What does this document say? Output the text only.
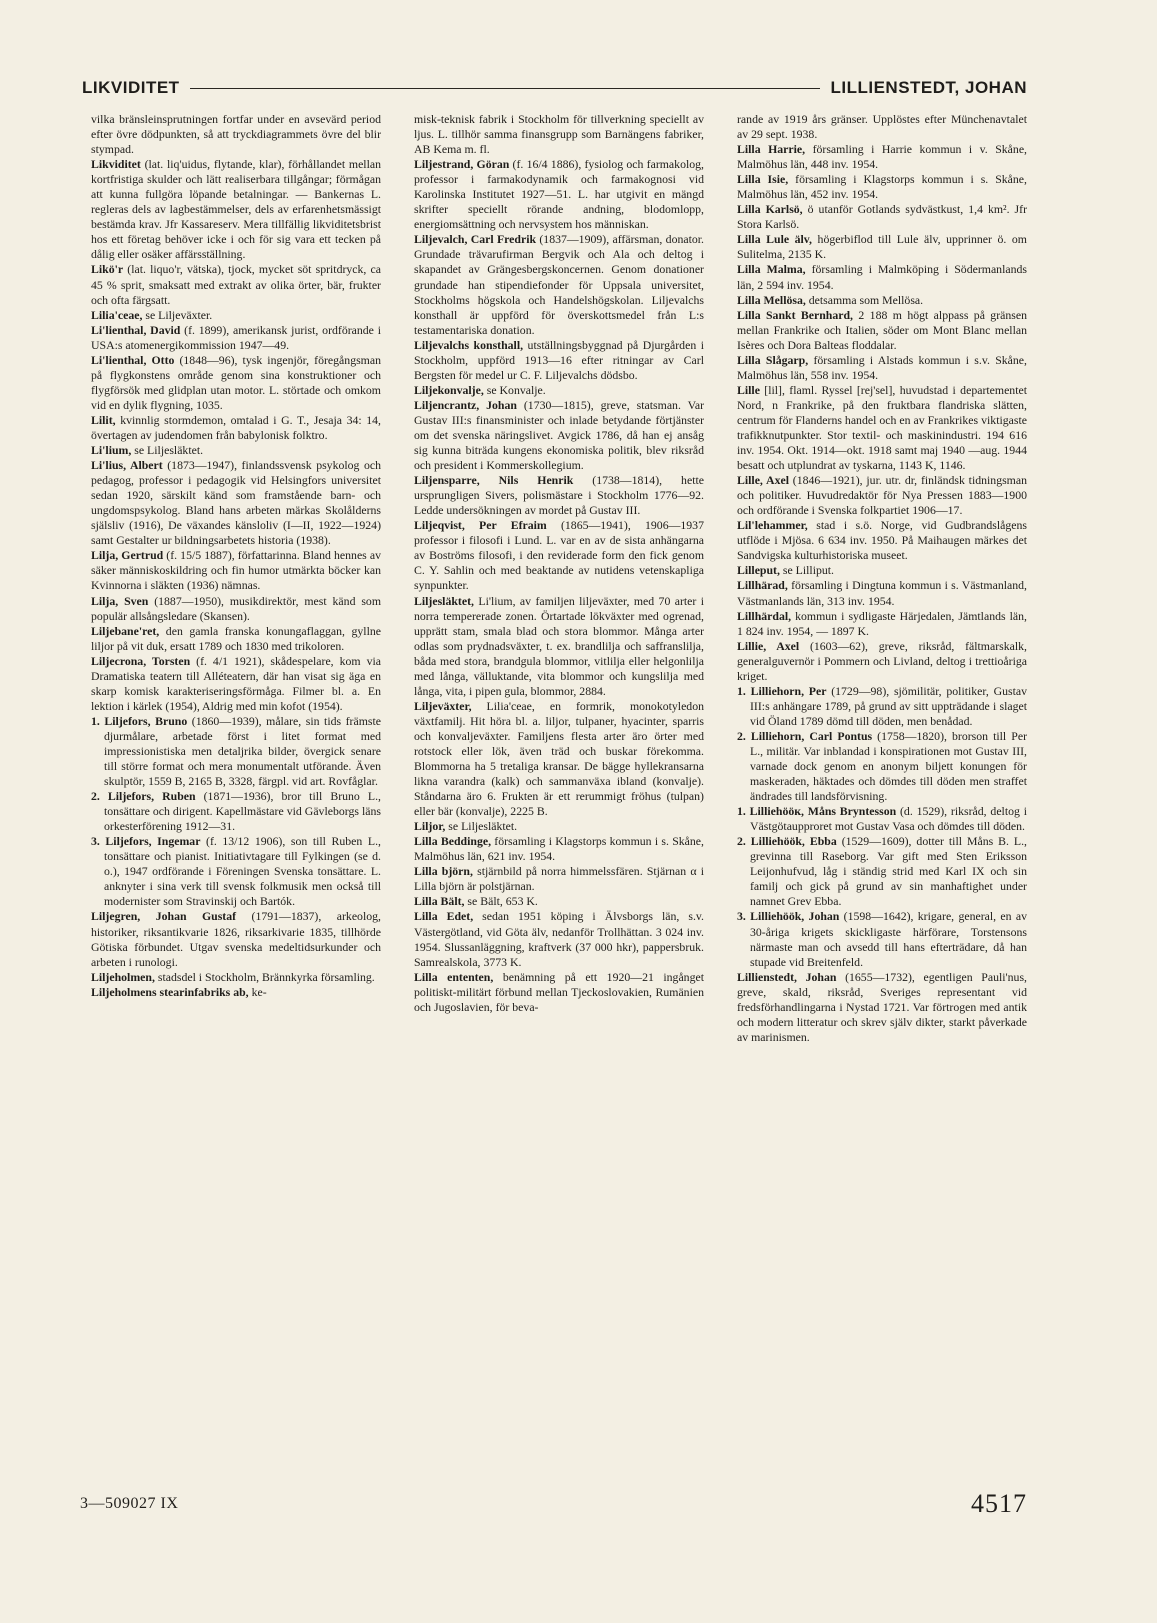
LIKVIDITET	LILLIENSTEDT, JOHAN

vilka bränsleinsprutningen fortfar under en avsevärd period efter övre dödpunkten, så att tryckdiagrammets övre del blir stympad.

Likviditet (lat. liq'uidus, flytande, klar), förhållandet mellan kortfristiga skulder och lätt realiserbara tillgångar; förmågan att kunna fullgöra löpande betalningar. — Bankernas L. regleras dels av lagbestämmelser, dels av erfarenhetsmässigt bestämda krav. Jfr Kassareserv. Mera tillfällig likviditetsbrist hos ett företag behöver icke i och för sig vara ett tecken på dålig eller osäker affärsställning.

Likö'r (lat. liquo'r, vätska), tjock, mycket söt spritdryck, ca 45 % sprit, smaksatt med extrakt av olika örter, bär, frukter och ofta färgsatt.

Lilia'ceae, se Liljeväxter.

Li'lienthal, David (f. 1899), amerikansk jurist, ordförande i USA:s atomenergikommission 1947—49.

Li'lienthal, Otto (1848—96), tysk ingenjör, föregångsman på flygkonstens område genom sina konstruktioner och flygförsök med glidplan utan motor. L. störtade och omkom vid en dylik flygning, 1035.

Lilit, kvinnlig stormdemon, omtalad i G. T., Jesaja 34: 14, övertagen av judendomen från babylonisk folktro.

Li'lium, se Liljesläktet.

Li'lius, Albert (1873—1947), finlandssvensk psykolog och pedagog, professor i pedagogik vid Helsingfors universitet sedan 1920, särskilt känd som framstående barn- och ungdomspsykolog. Bland hans arbeten märkas Skolålderns själsliv (1916), De växandes känsloliv (I—II, 1922—1924) samt Gestalter ur bildningsarbetets historia (1938).

Lilja, Gertrud (f. 15/5 1887), författarinna. Bland hennes av säker människoskildring och fin humor utmärkta böcker kan Kvinnorna i släkten (1936) nämnas.

Lilja, Sven (1887—1950), musikdirektör, mest känd som populär allsångsledare (Skansen).

Liljebane'ret, den gamla franska konungaflaggan, gyllne liljor på vit duk, ersatt 1789 och 1830 med trikoloren.

Liljecrona, Torsten (f. 4/1 1921), skådespelare, kom via Dramatiska teatern till Alléteatern, där han visat sig äga en skarp komisk karakteriseringsförmåga. Filmer bl. a. En lektion i kärlek (1954), Aldrig med min kofot (1954).

1. Liljefors, Bruno (1860—1939), målare, sin tids främste djurmålare, arbetade först i litet format med impressionistiska men detaljrika bilder, övergick senare till större format och mera monumentalt utförande. Även skulptör, 1559 B, 2165 B, 3328, färgpl. vid art. Rovfåglar.

2. Liljefors, Ruben (1871—1936), bror till Bruno L., tonsättare och dirigent. Kapellmästare vid Gävleborgs läns orkesterförening 1912—31.

3. Liljefors, Ingemar (f. 13/12 1906), son till Ruben L., tonsättare och pianist. Initiativtagare till Fylkingen (se d. o.), 1947 ordförande i Föreningen Svenska tonsättare. L. anknyter i sina verk till svensk folkmusik men också till modernister som Stravinskij och Bartók.

Liljegren, Johan Gustaf (1791—1837), arkeolog, historiker, riksantikvarie 1826, riksarkivarie 1835, tillhörde Götiska förbundet. Utgav svenska medeltidsurkunder och arbeten i runologi.

Liljeholmen, stadsdel i Stockholm, Brännkyrka församling.

Liljeholmens stearinfabriks ab, ke-

misk-teknisk fabrik i Stockholm för tillverkning speciellt av ljus. L. tillhör samma finansgrupp som Barnängens fabriker, AB Kema m. fl.

Liljestrand, Göran (f. 16/4 1886), fysiolog och farmakolog, professor i farmakodynamik och farmakognosi vid Karolinska Institutet 1927—51. L. har utgivit en mängd skrifter speciellt rörande andning, blodomlopp, energiomsättning och nervsystem hos människan.

Liljevalch, Carl Fredrik (1837—1909), affärsman, donator. Grundade trävarufirman Bergvik och Ala och deltog i skapandet av Grängesbergskoncernen. Genom donationer grundade han stipendiefonder för Uppsala universitet, Stockholms högskola och Handelshögskolan. Liljevalchs konsthall är uppförd för överskottsmedel från L:s testamentariska donation.

Liljevalchs konsthall, utställningsbyggnad på Djurgården i Stockholm, uppförd 1913—16 efter ritningar av Carl Bergsten för medel ur C. F. Liljevalchs dödsbo.

Liljekonvalje, se Konvalje.

Liljencrantz, Johan (1730—1815), greve, statsman. Var Gustav III:s finansminister och inlade betydande förtjänster om det svenska näringslivet. Avgick 1786, då han ej ansåg sig kunna biträda kungens ekonomiska politik, blev riksråd och president i Kommerskollegium.

Liljensparre, Nils Henrik (1738—1814), hette ursprungligen Sivers, polismästare i Stockholm 1776—92. Ledde undersökningen av mordet på Gustav III.

Liljeqvist, Per Efraim (1865—1941), 1906—1937 professor i filosofi i Lund. L. var en av de sista anhängarna av Boströms filosofi, i den reviderade form den fick genom C. Y. Sahlin och med beaktande av nutidens vetenskapliga synpunkter.

Liljesläktet, Li'lium, av familjen liljeväxter, med 70 arter i norra tempererade zonen. Örtartade lökväxter med ogrenad, upprätt stam, smala blad och stora blommor. Många arter odlas som prydnadsväxter, t. ex. brandlilja och saffranslilja, båda med stora, brandgula blommor, vitlilja eller helgonlilja med långa, välluktande, vita blommor och kungslilja med långa, vita, i pipen gula, blommor, 2884.

Liljeväxter, Lilia'ceae, en formrik, monokotyledon växtfamilj. Hit höra bl. a. liljor, tulpaner, hyacinter, sparris och konvaljeväxter. Familjens flesta arter äro örter med rotstock eller lök, även träd och buskar förekomma. Blommorna ha 5 tretaliga kransar. De bägge hyllekransarna likna varandra (kalk) och sammanväxa ibland (konvalje). Ståndarna äro 6. Frukten är ett rerummigt fröhus (tulpan) eller bär (konvalje), 2225 B.

Liljor, se Liljesläktet.

Lilla Beddinge, församling i Klagstorps kommun i s. Skåne, Malmöhus län, 621 inv. 1954.

Lilla björn, stjärnbild på norra himmelssfären. Stjärnan α i Lilla björn är polstjärnan.

Lilla Bält, se Bält, 653 K.

Lilla Edet, sedan 1951 köping i Älvsborgs län, s.v. Västergötland, vid Göta älv, nedanför Trollhättan. 3 024 inv. 1954. Slussanläggning, kraftverk (37 000 hkr), pappersbruk. Samrealskola, 3773 K.

Lilla ententen, benämning på ett 1920—21 ingånget politiskt-militärt förbund mellan Tjeckoslovakien, Rumänien och Jugoslavien, för beva-

rande av 1919 års gränser. Upplöstes efter Münchenavtalet av 29 sept. 1938.

Lilla Harrie, församling i Harrie kommun i v. Skåne, Malmöhus län, 448 inv. 1954.

Lilla Isie, församling i Klagstorps kommun i s. Skåne, Malmöhus län, 452 inv. 1954.

Lilla Karlsö, ö utanför Gotlands sydvästkust, 1,4 km². Jfr Stora Karlsö.

Lilla Lule älv, högerbiflod till Lule älv, upprinner ö. om Sulitelma, 2135 K.

Lilla Malma, församling i Malmköping i Södermanlands län, 2 594 inv. 1954.

Lilla Mellösa, detsamma som Mellösa.

Lilla Sankt Bernhard, 2 188 m högt alppass på gränsen mellan Frankrike och Italien, söder om Mont Blanc mellan Isères och Dora Balteas floddalar.

Lilla Slågarp, församling i Alstads kommun i s.v. Skåne, Malmöhus län, 558 inv. 1954.

Lille [lil], flaml. Ryssel [rej'sel], huvudstad i departementet Nord, n Frankrike, på den fruktbara flandriska slätten, centrum för Flanderns handel och en av Frankrikes viktigaste trafikknutpunkter. Stor textil- och maskinindustri. 194 616 inv. 1954. Okt. 1914—okt. 1918 samt maj 1940 —aug. 1944 besatt och utplundrat av tyskarna, 1143 K, 1146.

Lille, Axel (1846—1921), jur. utr. dr, finländsk tidningsman och politiker. Huvudredaktör för Nya Pressen 1883—1900 och ordförande i Svenska folkpartiet 1906—17.

Lil'lehammer, stad i s.ö. Norge, vid Gudbrandslågens utflöde i Mjösa. 6 634 inv. 1950. På Maihaugen märkes det Sandvigska kulturhistoriska museet.

Lilleput, se Lilliput.

Lillhärad, församling i Dingtuna kommun i s. Västmanland, Västmanlands län, 313 inv. 1954.

Lillhärdal, kommun i sydligaste Härjedalen, Jämtlands län, 1 824 inv. 1954, — 1897 K.

Lillie, Axel (1603—62), greve, riksråd, fältmarskalk, generalguvernör i Pommern och Livland, deltog i trettioåriga kriget.

1. Lilliehorn, Per (1729—98), sjömilitär, politiker, Gustav III:s anhängare 1789, på grund av sitt uppträdande i slaget vid Öland 1789 dömd till döden, men benådad.

2. Lilliehorn, Carl Pontus (1758—1820), brorson till Per L., militär. Var inblandad i konspirationen mot Gustav III, varnade dock genom en anonym biljett konungen för maskeraden, häktades och dömdes till döden men straffet ändrades till landsförvisning.

1. Lilliehööк, Måns Bryntesson (d. 1529), riksråd, deltog i Västgötaupproret mot Gustav Vasa och dömdes till döden.

2. Lilliehöök, Ebba (1529—1609), dotter till Måns B. L., grevinna till Raseborg. Var gift med Sten Eriksson Leijonhufvud, låg i ständig strid med Karl IX och sin familj och gick på grund av sin manhaftighet under namnet Grev Ebba.

3. Lilliehöök, Johan (1598—1642), krigare, general, en av 30-åriga krigets skickligaste härförare, Torstensons närmaste man och avsedd till hans efterträdare, då han stupade vid Breitenfeld.

Lillienstedt, Johan (1655—1732), egentligen Pauli'nus, greve, skald, riksråd, Sveriges representant vid fredsförhandlingarna i Nystad 1721. Var förtrogen med antik och modern litteratur och skrev själv dikter, starkt påverkade av marinismen.

3—509027 IX	4517
